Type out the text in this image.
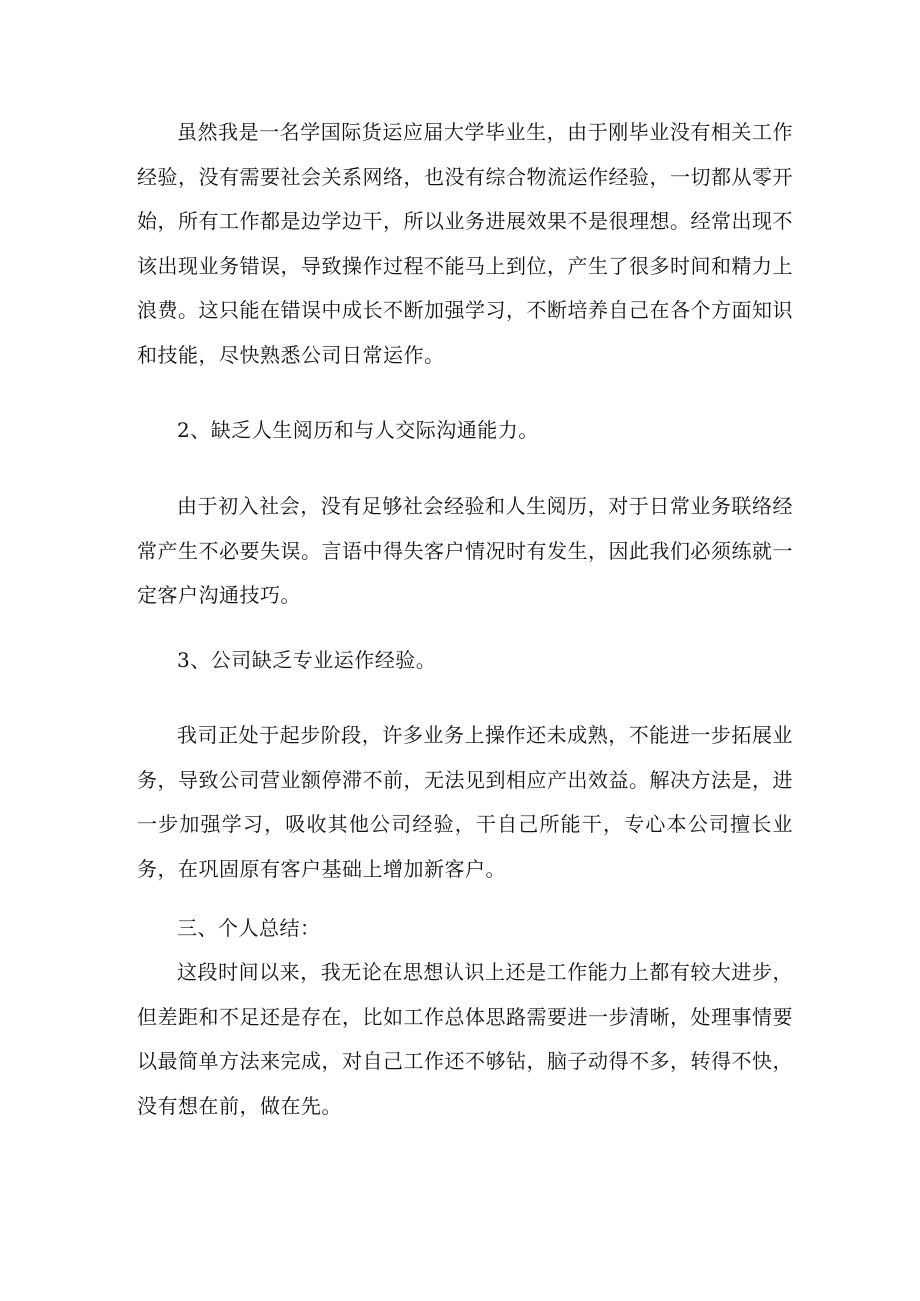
虽然我是一名学国际货运应届大学毕业生，由于刚毕业没有相关工作经验，没有需要社会关系网络，也没有综合物流运作经验，一切都从零开始，所有工作都是边学边干，所以业务进展效果不是很理想。经常出现不该出现业务错误，导致操作过程不能马上到位，产生了很多时间和精力上浪费。这只能在错误中成长不断加强学习，不断培养自己在各个方面知识和技能，尽快熟悉公司日常运作。

2、缺乏人生阅历和与人交际沟通能力。

由于初入社会，没有足够社会经验和人生阅历，对于日常业务联络经常产生不必要失误。言语中得失客户情况时有发生，因此我们必须练就一定客户沟通技巧。

3、公司缺乏专业运作经验。

我司正处于起步阶段，许多业务上操作还未成熟，不能进一步拓展业务，导致公司营业额停滞不前，无法见到相应产出效益。解决方法是，进一步加强学习，吸收其他公司经验，干自己所能干，专心本公司擅长业务，在巩固原有客户基础上增加新客户。

三、个人总结：

这段时间以来，我无论在思想认识上还是工作能力上都有较大进步，但差距和不足还是存在，比如工作总体思路需要进一步清晰，处理事情要以最简单方法来完成，对自己工作还不够钻，脑子动得不多，转得不快，没有想在前，做在先。
